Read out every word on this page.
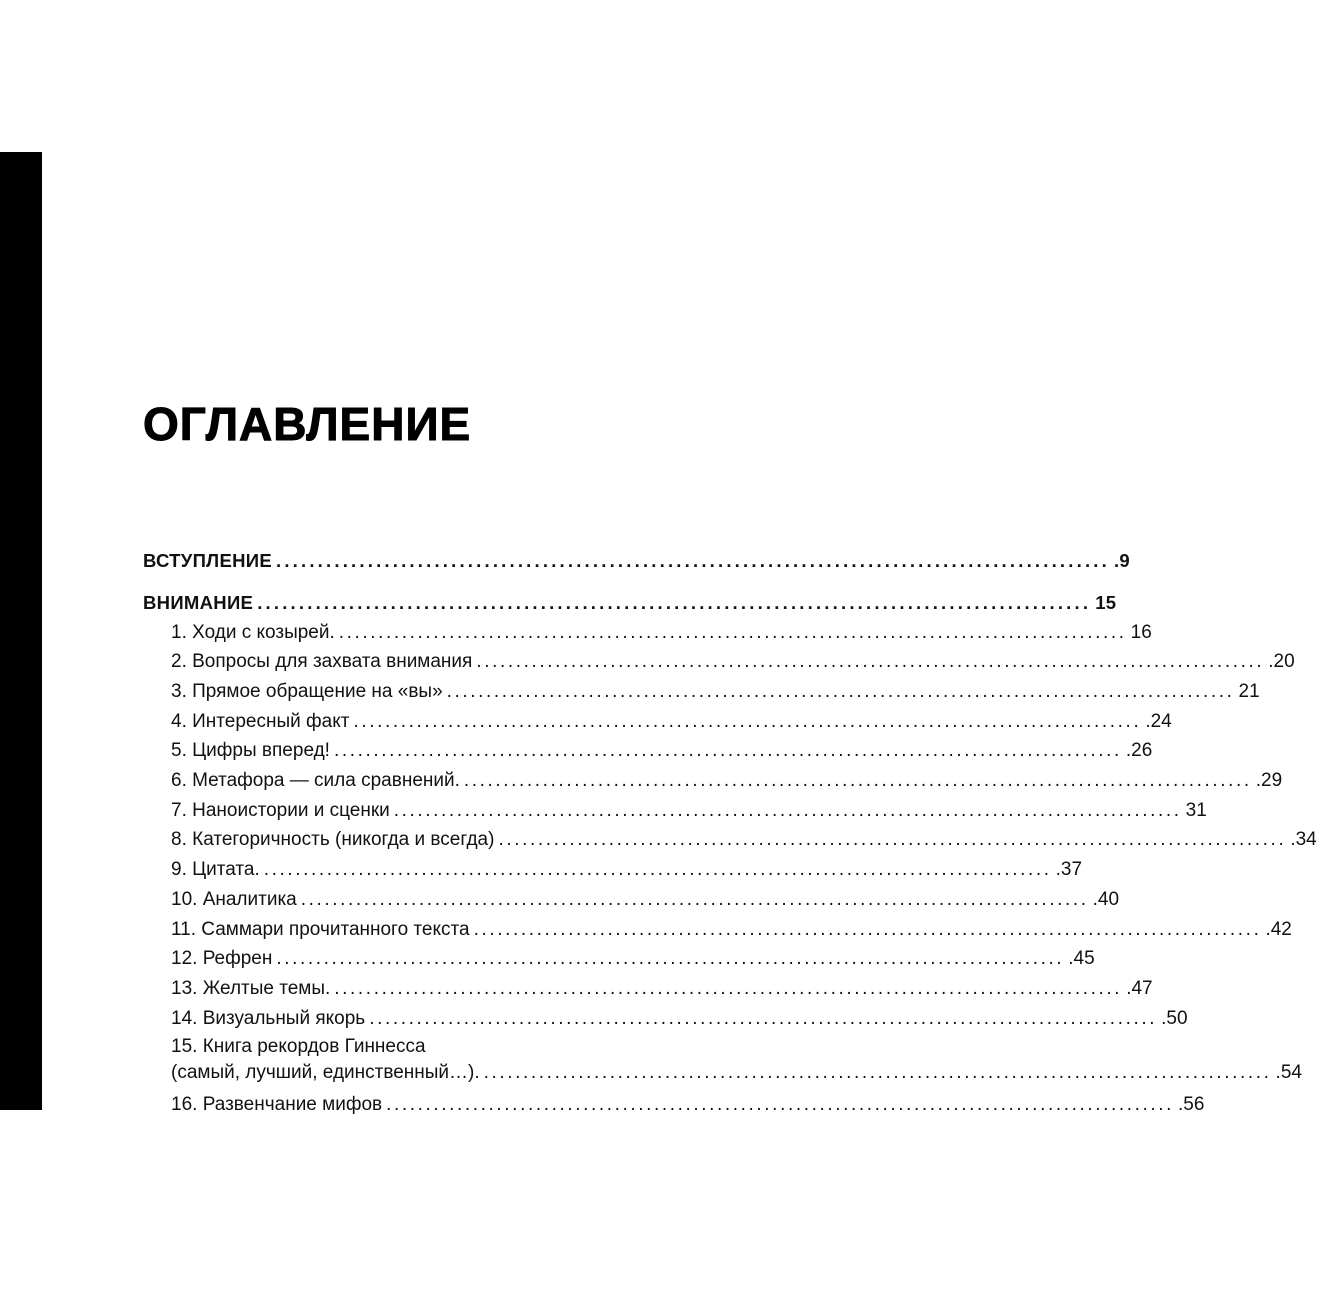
ОГЛАВЛЕНИЕ
ВСТУПЛЕНИЕ .................................................................................................... .9
ВНИМАНИЕ .................................................................................................... 15
1. Ходи с козырей. .................................................................................................... 16
2. Вопросы для захвата внимания .................................................................................................... .20
3. Прямое обращение на «вы» .................................................................................................... 21
4. Интересный факт .................................................................................................... .24
5. Цифры вперед! .................................................................................................... .26
6. Метафора — сила сравнений. .................................................................................................... .29
7. Наноистории и сценки .................................................................................................... 31
8. Категоричность (никогда и всегда) .................................................................................................... .34
9. Цитата. .................................................................................................... .37
10. Аналитика .................................................................................................... .40
11. Саммари прочитанного текста .................................................................................................... .42
12. Рефрен .................................................................................................... .45
13. Желтые темы. .................................................................................................... .47
14. Визуальный якорь .................................................................................................... .50
15. Книга рекордов Гиннесса
(самый, лучший, единственный…). .................................................................................................... .54
16. Развенчание мифов .................................................................................................... .56
